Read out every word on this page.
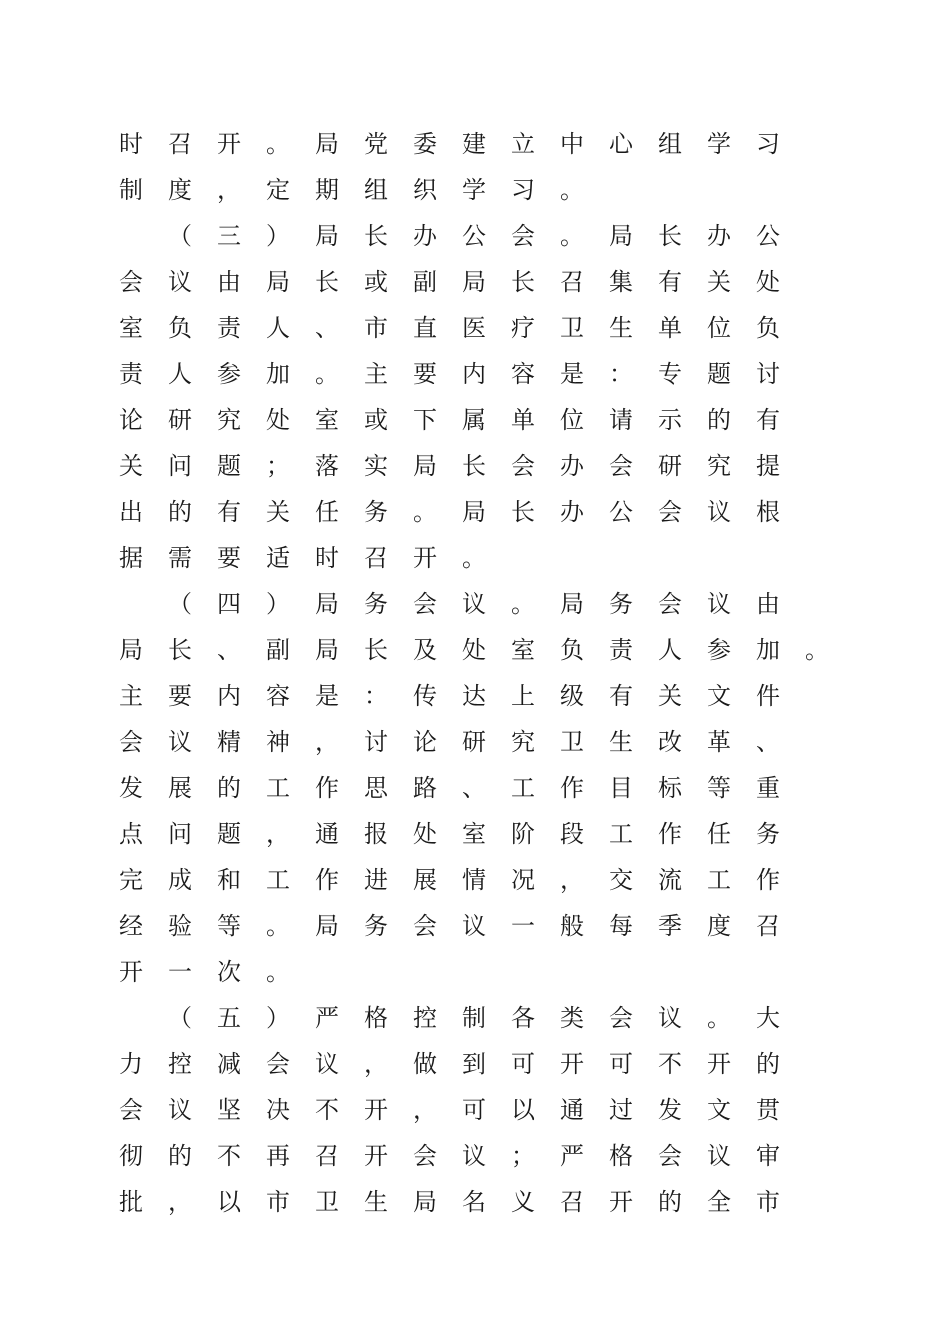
时 召 开 。 局 党 委 建 立 中 心 组 学 习
制 度 ， 定 期 组 织 学 习 。
（ 三 ） 局 长 办 公 会 。 局 长 办 公
会 议 由 局 长 或 副 局 长 召 集 有 关 处
室 负 责 人 、 市 直 医 疗 卫 生 单 位 负
责 人 参 加 。 主 要 内 容 是 ： 专 题 讨
论 研 究 处 室 或 下 属 单 位 请 示 的 有
关 问 题 ； 落 实 局 长 会 办 会 研 究 提
出 的 有 关 任 务 。 局 长 办 公 会 议 根
据 需 要 适 时 召 开 。
（ 四 ） 局 务 会 议 。 局 务 会 议 由
局 长 、 副 局 长 及 处 室 负 责 人 参 加 。
主 要 内 容 是 ： 传 达 上 级 有 关 文 件
会 议 精 神 ， 讨 论 研 究 卫 生 改 革 、
发 展 的 工 作 思 路 、 工 作 目 标 等 重
点 问 题 ， 通 报 处 室 阶 段 工 作 任 务
完 成 和 工 作 进 展 情 况 ， 交 流 工 作
经 验 等 。 局 务 会 议 一 般 每 季 度 召
开 一 次 。
（ 五 ） 严 格 控 制 各 类 会 议 。 大
力 控 减 会 议 ， 做 到 可 开 可 不 开 的
会 议 坚 决 不 开 ， 可 以 通 过 发 文 贯
彻 的 不 再 召 开 会 议 ； 严 格 会 议 审
批 ， 以 市 卫 生 局 名 义 召 开 的 全 市
